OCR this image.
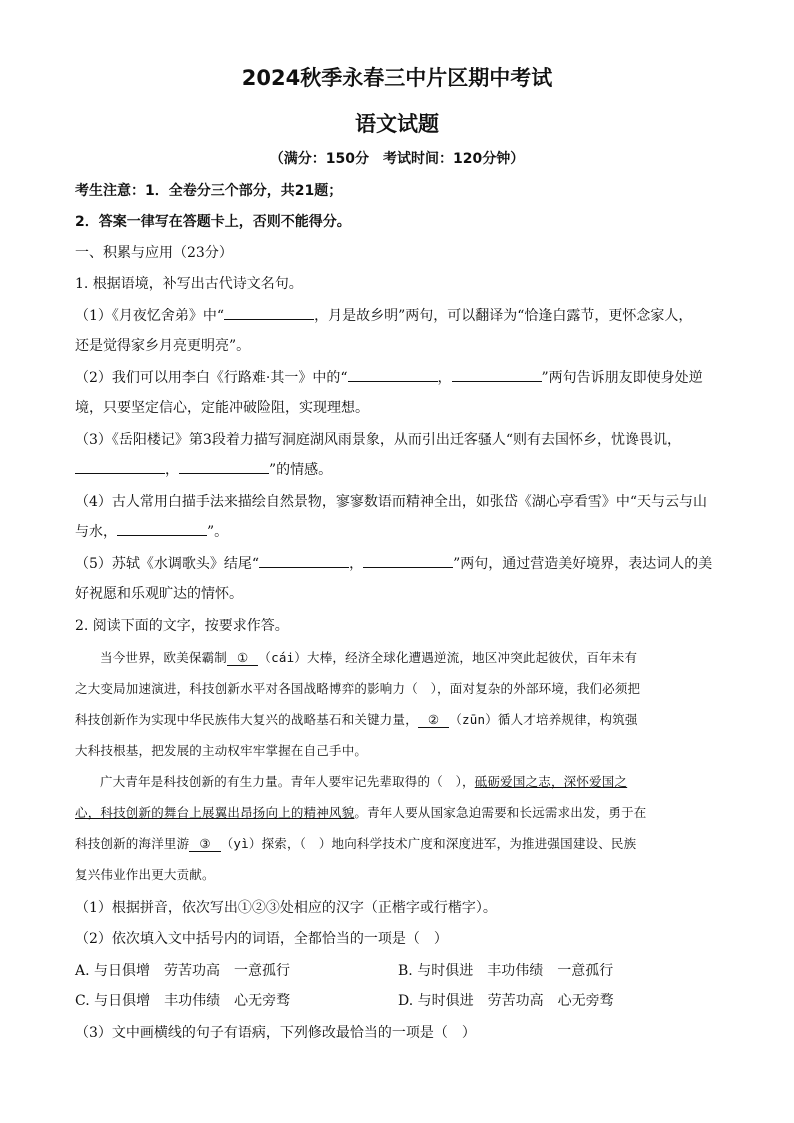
2024秋季永春三中片区期中考试
语文试题
（满分：150分　考试时间：120分钟）
考生注意：1．全卷分三个部分，共21题；
2．答案一律写在答题卡上，否则不能得分。
一、积累与应用（23分）
1. 根据语境，补写出古代诗文名句。
（1）《月夜忆舍弟》中“	，月是故乡明”两句，可以翻译为“恰逢白露节，更怀念家人，
还是觉得家乡月亮更明亮”。
（2）我们可以用李白《行路难·其一》中的“	，	”两句告诉朋友即使身处逆
境，只要坚定信心，定能冲破险阻，实现理想。
（3）《岳阳楼记》第3段着力描写洞庭湖风雨景象，从而引出迁客骚人“则有去国怀乡，忧谗畏讥，
，	”的情感。
（4）古人常用白描手法来描绘自然景物，寥寥数语而精神全出，如张岱《湖心亭看雪》中“天与云与山
与水，	”。
（5）苏轼《水调歌头》结尾“	，	”两句，通过营造美好境界，表达词人的美
好祝愿和乐观旷达的情怀。
2. 阅读下面的文字，按要求作答。
当今世界，欧美保霸制 ① （cái）大棒，经济全球化遭遇逆流，地区冲突此起彼伏，百年未有
之大变局加速演进，科技创新水平对各国战略博弈的影响力（　），面对复杂的外部环境，我们必须把
科技创新作为实现中华民族伟大复兴的战略基石和关键力量， ② （zūn）循人才培养规律，构筑强
大科技根基，把发展的主动权牢牢掌握在自己手中。
广大青年是科技创新的有生力量。青年人要牢记先辈取得的（　），砥砺爱国之志，深怀爱国之
心，科技创新的舞台上展翼出昂扬向上的精神风貌。青年人要从国家急迫需要和长远需求出发，勇于在
科技创新的海洋里游 ③ （yì）探索，（　）地向科学技术广度和深度进军，为推进强国建设、民族
复兴伟业作出更大贡献。
（1）根据拼音，依次写出①②③处相应的汉字（正楷字或行楷字）。
（2）依次填入文中括号内的词语，全都恰当的一项是（　）
A. 与日俱增　劳苦功高　一意孤行	B. 与时俱进　丰功伟绩　一意孤行
C. 与日俱增　丰功伟绩　心无旁骛	D. 与时俱进　劳苦功高　心无旁骛
（3）文中画横线的句子有语病，下列修改最恰当的一项是（　）
